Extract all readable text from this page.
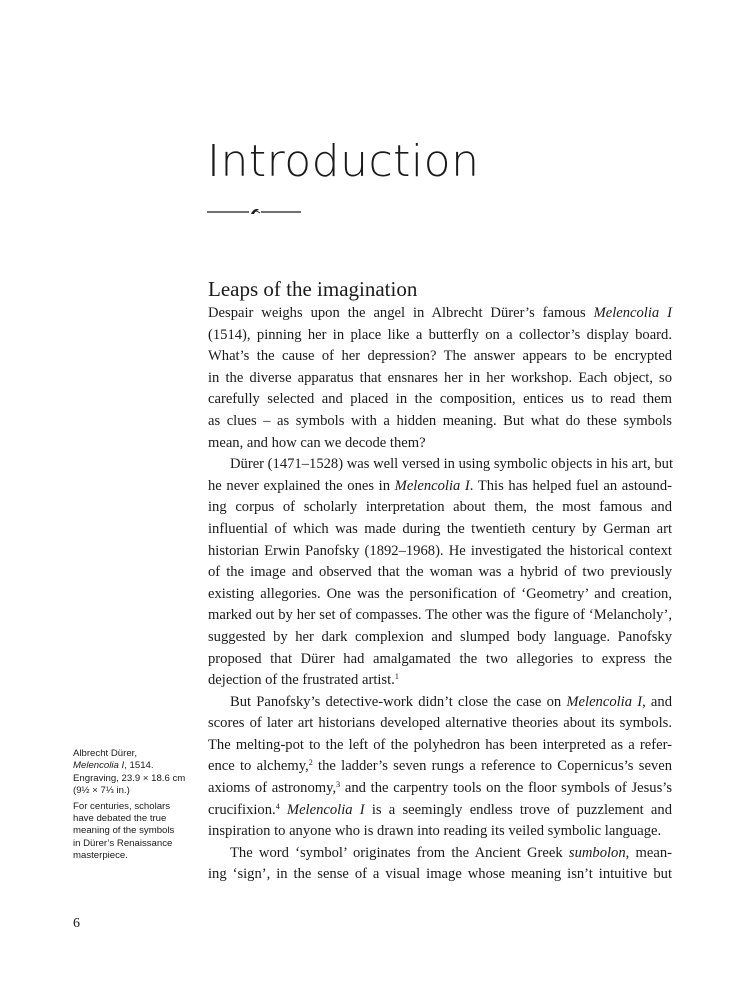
Introduction
Leaps of the imagination
Despair weighs upon the angel in Albrecht Dürer’s famous Melencolia I
(1514), pinning her in place like a butterfly on a collector’s display board.
What’s the cause of her depression? The answer appears to be encrypted
in the diverse apparatus that ensnares her in her workshop. Each object, so
carefully selected and placed in the composition, entices us to read them
as clues – as symbols with a hidden meaning. But what do these symbols
mean, and how can we decode them?
Dürer (1471–1528) was well versed in using symbolic objects in his art, but
he never explained the ones in Melencolia I. This has helped fuel an astound-
ing corpus of scholarly interpretation about them, the most famous and
influential of which was made during the twentieth century by German art
historian Erwin Panofsky (1892–1968). He investigated the historical context
of the image and observed that the woman was a hybrid of two previously
existing allegories. One was the personification of ‘Geometry’ and creation,
marked out by her set of compasses. The other was the figure of ‘Melancholy’,
suggested by her dark complexion and slumped body language. Panofsky
proposed that Dürer had amalgamated the two allegories to express the
dejection of the frustrated artist.$^1$
But Panofsky’s detective-work didn’t close the case on Melencolia I, and
scores of later art historians developed alternative theories about its symbols.
The melting-pot to the left of the polyhedron has been interpreted as a refer-
ence to alchemy,$^2$ the ladder’s seven rungs a reference to Copernicus’s seven
axioms of astronomy,$^3$ and the carpentry tools on the floor symbols of Jesus’s
crucifixion.$^4$ Melencolia I is a seemingly endless trove of puzzlement and
inspiration to anyone who is drawn into reading its veiled symbolic language.
The word ‘symbol’ originates from the Ancient Greek sumbolon, mean-
ing ‘sign’, in the sense of a visual image whose meaning isn’t intuitive but
Albrecht Dürer,
Melencolia I, 1514.
Engraving, 23.9 × 18.6 cm
(9½ × 7⅓ in.)
For centuries, scholars
have debated the true
meaning of the symbols
in Dürer’s Renaissance
masterpiece.
6
